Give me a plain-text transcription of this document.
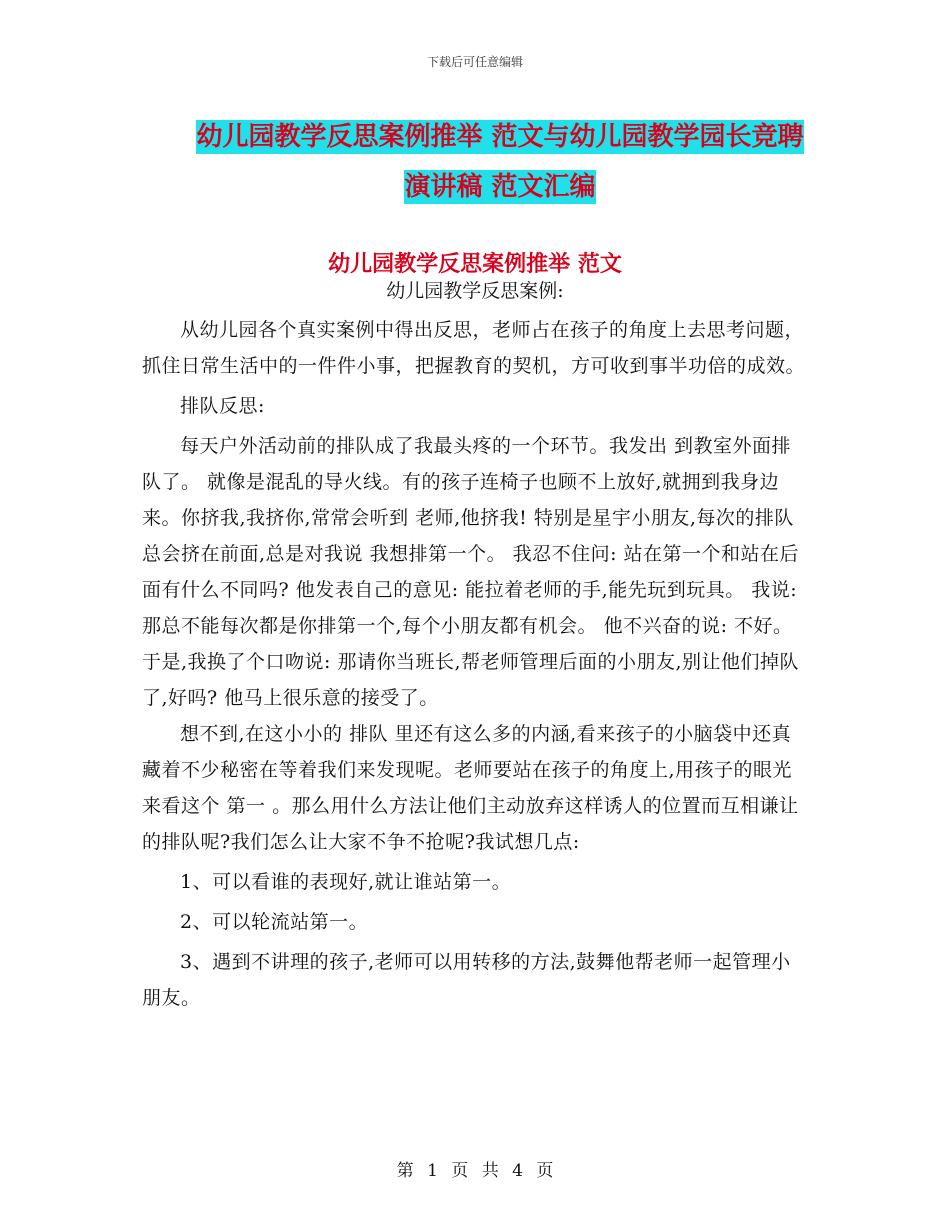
下载后可任意编辑
幼儿园教学反思案例推举 范文与幼儿园教学园长竞聘
演讲稿 范文汇编
幼儿园教学反思案例推举 范文
幼儿园教学反思案例:

从幼儿园各个真实案例中得出反思，老师占在孩子的角度上去思考问题，抓住日常生活中的一件件小事，把握教育的契机，方可收到事半功倍的成效。

排队反思:

每天户外活动前的排队成了我最头疼的一个环节。我发出 到教室外面排队了。 就像是混乱的导火线。有的孩子连椅子也顾不上放好,就拥到我身边来。你挤我,我挤你,常常会听到 老师,他挤我! 特别是星宇小朋友,每次的排队总会挤在前面,总是对我说 我想排第一个。 我忍不住问: 站在第一个和站在后面有什么不同吗? 他发表自己的意见: 能拉着老师的手,能先玩到玩具。 我说: 那总不能每次都是你排第一个,每个小朋友都有机会。 他不兴奋的说: 不好。 于是,我换了个口吻说: 那请你当班长,帮老师管理后面的小朋友,别让他们掉队了,好吗? 他马上很乐意的接受了。

想不到,在这小小的 排队 里还有这么多的内涵,看来孩子的小脑袋中还真藏着不少秘密在等着我们来发现呢。老师要站在孩子的角度上,用孩子的眼光来看这个 第一 。那么用什么方法让他们主动放弃这样诱人的位置而互相谦让的排队呢?我们怎么让大家不争不抢呢?我试想几点:

1、可以看谁的表现好,就让谁站第一。

2、可以轮流站第一。

3、遇到不讲理的孩子,老师可以用转移的方法,鼓舞他帮老师一起管理小朋友。

第 1 页 共 4 页
